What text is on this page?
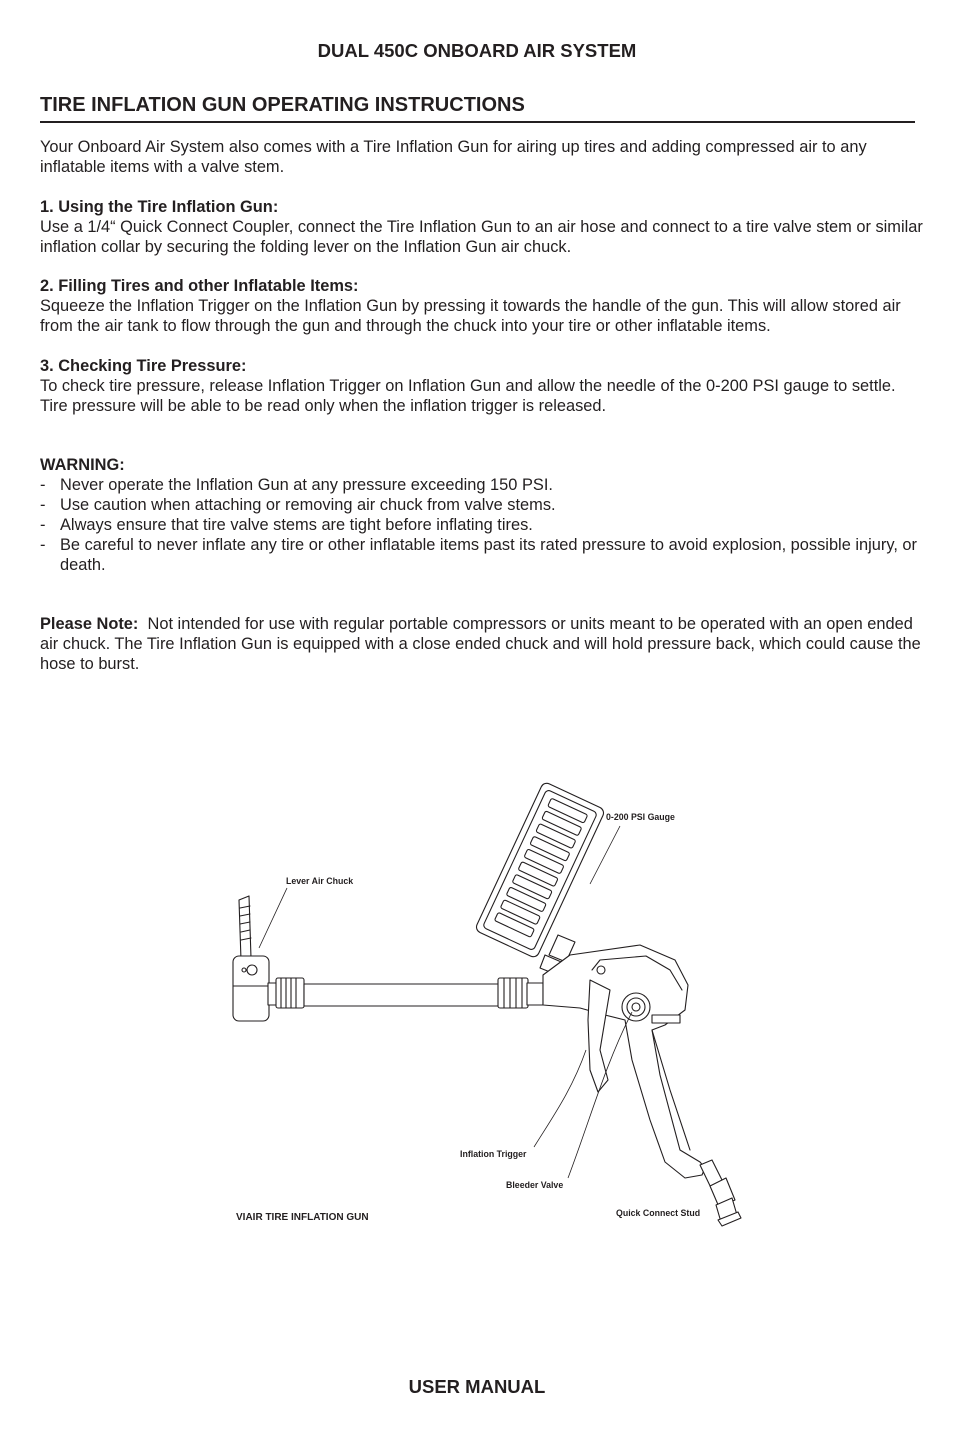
DUAL 450C ONBOARD AIR SYSTEM
TIRE INFLATION GUN OPERATING INSTRUCTIONS

Your Onboard Air System also comes with a Tire Inflation Gun for airing up tires and adding compressed air to any inflatable items with a valve stem.

1. Using the Tire Inflation Gun:

Use a 1/4“ Quick Connect Coupler, connect the Tire Inflation Gun to an air hose and connect to a tire valve stem or similar inflation collar by securing the folding lever on the Inflation Gun air chuck.

2. Filling Tires and other Inflatable Items:

Squeeze the Inflation Trigger on the Inflation Gun by pressing it towards the handle of the gun. This will allow stored air from the air tank to flow through the gun and through the chuck into your tire or other inflatable items.

3. Checking Tire Pressure:

To check tire pressure, release Inflation Trigger on Inflation Gun and allow the needle of the 0-200 PSI gauge to settle. Tire pressure will be able to be read only when the inflation trigger is released.

WARNING:

- Never operate the Inflation Gun at any pressure exceeding 150 PSI.
- Use caution when attaching or removing air chuck from valve stems.
- Always ensure that tire valve stems are tight before inflating tires.
- Be careful to never inflate any tire or other inflatable items past its rated pressure to avoid explosion, possible injury, or death.

Please Note: Not intended for use with regular portable compressors or units meant to be operated with an open ended air chuck. The Tire Inflation Gun is equipped with a close ended chuck and will hold pressure back, which could cause the hose to burst.

0-200 PSI Gauge
Lever Air Chuck
Inflation Trigger
Bleeder Valve
Quick Connect Stud
VIAIR TIRE INFLATION GUN
USER MANUAL
